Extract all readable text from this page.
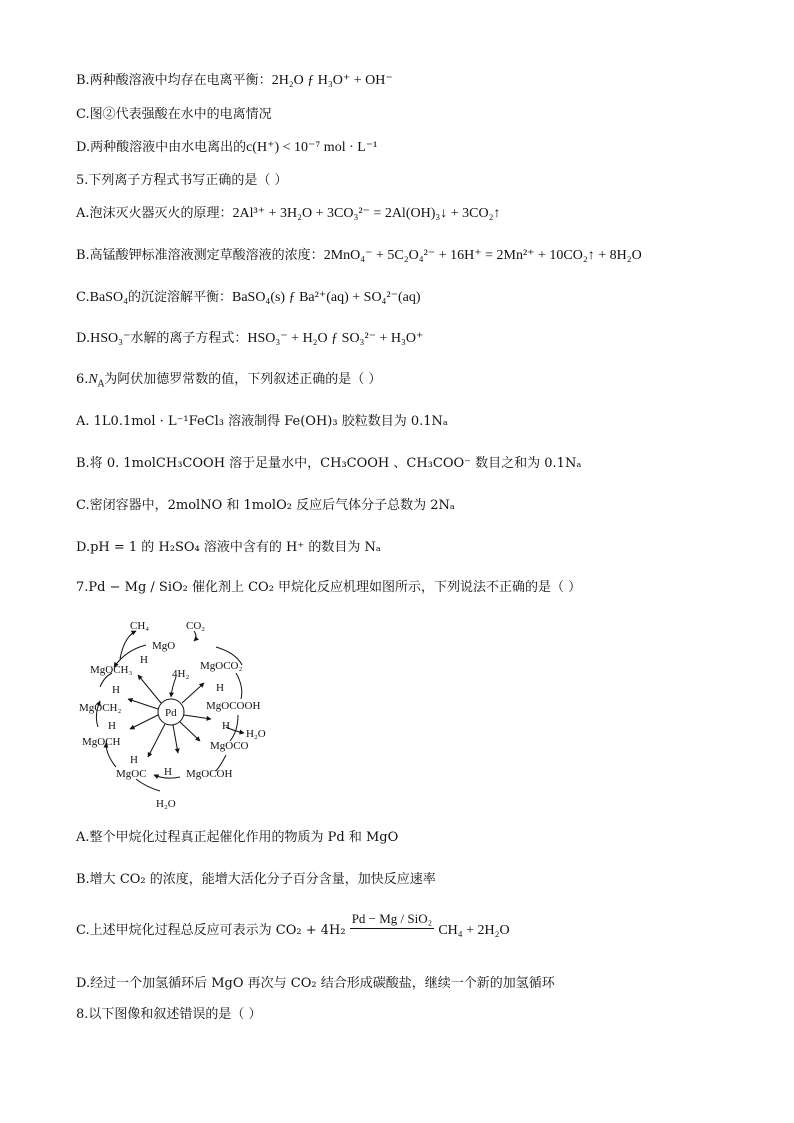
B.两种酸溶液中均存在电离平衡：2H₂O ƒ H₃O⁺ + OH⁻
C.图②代表强酸在水中的电离情况
D.两种酸溶液中由水电离出的c(H⁺) < 10⁻⁷ mol · L⁻¹
5.下列离子方程式书写正确的是（ ）
A.泡沫灭火器灭火的原理：2Al³⁺ + 3H₂O + 3CO₃²⁻ = 2Al(OH)₃↓ + 3CO₂↑
B.高锰酸钾标准溶液测定草酸溶液的浓度：2MnO₄⁻ + 5C₂O₄²⁻ + 16H⁺ = 2Mn²⁺ + 10CO₂↑ + 8H₂O
C.BaSO₄的沉淀溶解平衡：BaSO₄(s) ƒ Ba²⁺(aq) + SO₄²⁻(aq)
D.HSO₃⁻水解的离子方程式：HSO₃⁻ + H₂O ƒ SO₃²⁻ + H₃O⁺
$6.N_A$为阿伏加德罗常数的值，下列叙述正确的是（ ）
A. 1L0.1mol · L⁻¹FeCl₃ 溶液制得 Fe(OH)₃ 胶粒数目为 0.1Nₐ
B.将 0. 1molCH₃COOH 溶于足量水中，CH₃COOH 、CH₃COO⁻ 数目之和为 0.1Nₐ
C.密闭容器中，2molNO 和 1molO₂ 反应后气体分子总数为 2Nₐ
D.pH = 1 的 H₂SO₄ 溶液中含有的 H⁺ 的数目为 Nₐ
7.Pd − Mg / SiO₂ 催化剂上 CO₂ 甲烷化反应机理如图所示，下列说法不正确的是（ ）
Pd
4H₂
CH₄	CO₂
MgO
MgOCO₂
MgOCOOH
MgOCO
MgOCOH
MgOC
MgOCH
MgOCH₂
MgOCH₃
H
H
H
H
H
H
H
H₂O
H₂O
A.整个甲烷化过程真正起催化作用的物质为 Pd 和 MgO
B.增大 CO₂ 的浓度，能增大活化分子百分含量，加快反应速率
C.上述甲烷化过程总反应可表示为 CO₂ + 4H₂
Pd − Mg / SiO₂
CH₄ + 2H₂O
D.经过一个加氢循环后 MgO 再次与 CO₂ 结合形成碳酸盐，继续一个新的加氢循环
8.以下图像和叙述错误的是（ ）
